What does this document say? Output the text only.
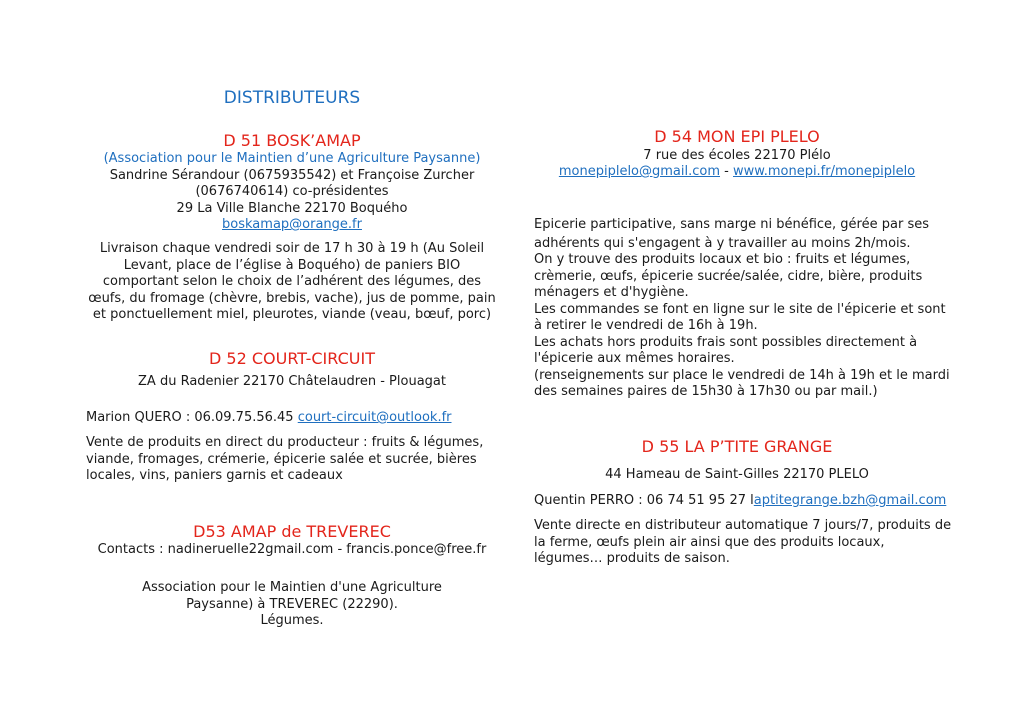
DISTRIBUTEURS
D 51 BOSK’AMAP
(Association pour le Maintien d’une Agriculture Paysanne)
Sandrine Sérandour (0675935542) et Françoise Zurcher
(0676740614) co-présidentes
29 La Ville Blanche 22170 Boquého
boskamap@orange.fr
Livraison chaque vendredi soir de 17 h 30 à 19 h (Au Soleil
Levant, place de l’église à Boquého) de paniers BIO
comportant selon le choix de l’adhérent des légumes, des
œufs, du fromage (chèvre, brebis, vache), jus de pomme, pain
et ponctuellement miel, pleurotes, viande (veau, bœuf, porc)
D 52 COURT-CIRCUIT
ZA du Radenier 22170 Châtelaudren - Plouagat
Marion QUERO : 06.09.75.56.45 court-circuit@outlook.fr
Vente de produits en direct du producteur : fruits & légumes,
viande, fromages, crémerie, épicerie salée et sucrée, bières
locales, vins, paniers garnis et cadeaux
D53 AMAP de TREVEREC
Contacts : nadineruelle22gmail.com - francis.ponce@free.fr
Association pour le Maintien d'une Agriculture
Paysanne) à TREVEREC (22290).
Légumes.
D 54 MON EPI PLELO
7 rue des écoles 22170 Plélo
monepiplelo@gmail.com - www.monepi.fr/monepiplelo
Epicerie participative, sans marge ni bénéfice, gérée par ses
adhérents qui s'engagent à y travailler au moins 2h/mois.
On y trouve des produits locaux et bio : fruits et légumes,
crèmerie, œufs, épicerie sucrée/salée, cidre, bière, produits
ménagers et d'hygiène.
Les commandes se font en ligne sur le site de l'épicerie et sont
à retirer le vendredi de 16h à 19h.
Les achats hors produits frais sont possibles directement à
l'épicerie aux mêmes horaires.
(renseignements sur place le vendredi de 14h à 19h et le mardi
des semaines paires de 15h30 à 17h30 ou par mail.)
D 55 LA P’TITE GRANGE
44 Hameau de Saint-Gilles 22170 PLELO
Quentin PERRO : 06 74 51 95 27 laptitegrange.bzh@gmail.com
Vente directe en distributeur automatique 7 jours/7, produits de
la ferme, œufs plein air ainsi que des produits locaux,
légumes… produits de saison.
